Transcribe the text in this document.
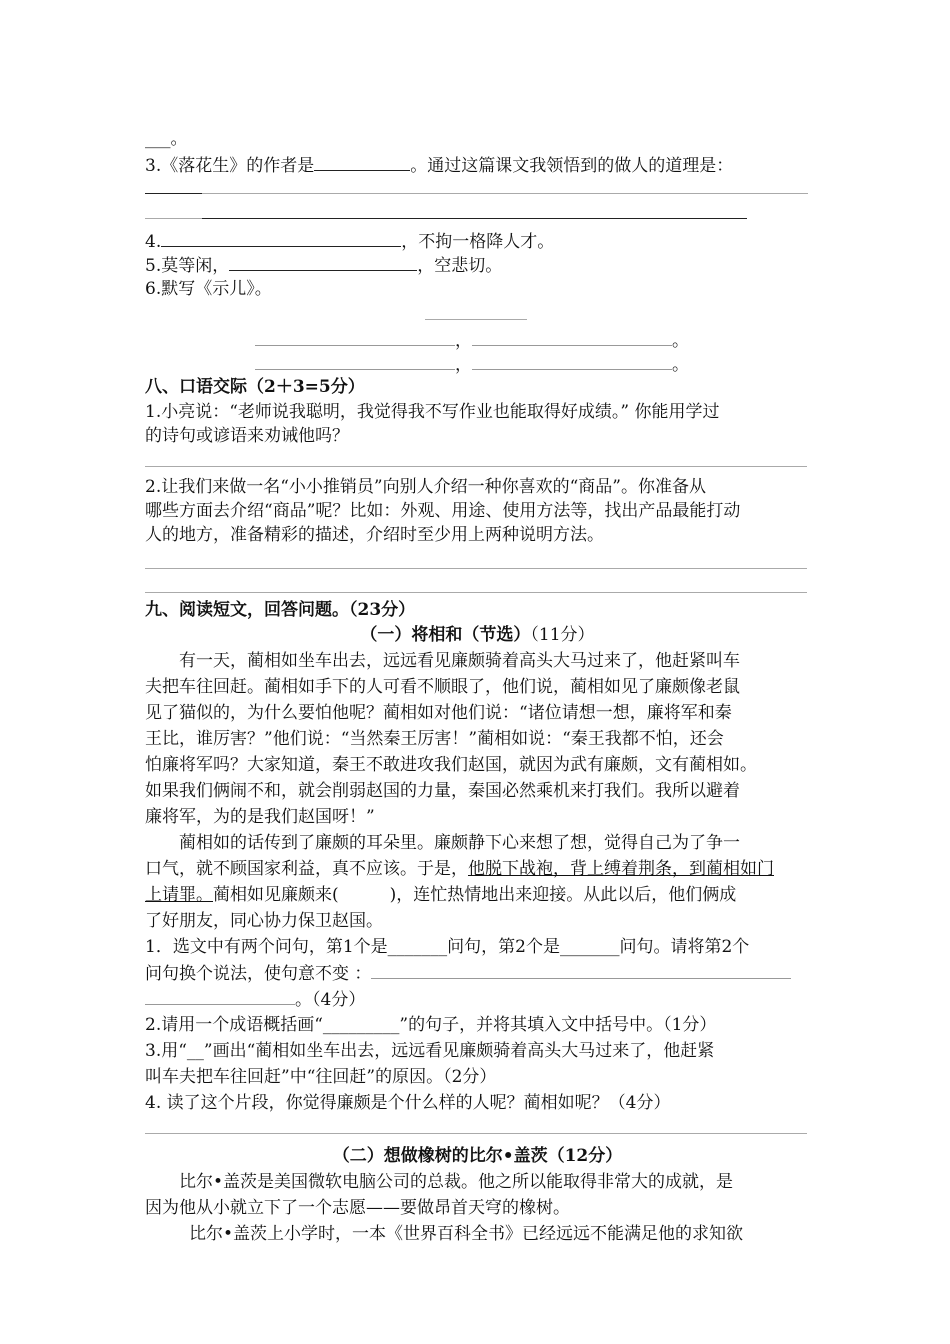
___。
3.《落花生》的作者是	。通过这篇课文我领悟到的做人的道理是：
4.	，不拘一格降人才。
5.莫等闲，	，空悲切。
6.默写《示儿》。
，	。
，	。
八、口语交际（2＋3=5分）
1.小亮说：“老师说我聪明，我觉得我不写作业也能取得好成绩。” 你能用学过
的诗句或谚语来劝诫他吗？
2.让我们来做一名“小小推销员”向别人介绍一种你喜欢的“商品”。你准备从
哪些方面去介绍“商品”呢？比如：外观、用途、使用方法等，找出产品最能打动
人的地方，准备精彩的描述，介绍时至少用上两种说明方法。
九、阅读短文，回答问题。（23分）
（一）将相和（节选）（11分）
有一天，蔺相如坐车出去，远远看见廉颇骑着高头大马过来了，他赶紧叫车
夫把车往回赶。蔺相如手下的人可看不顺眼了，他们说，蔺相如见了廉颇像老鼠
见了猫似的，为什么要怕他呢？蔺相如对他们说：“诸位请想一想，廉将军和秦
王比，谁厉害？”他们说：“当然秦王厉害！”蔺相如说：“秦王我都不怕，还会
怕廉将军吗？大家知道，秦王不敢进攻我们赵国，就因为武有廉颇，文有蔺相如。
如果我们俩闹不和，就会削弱赵国的力量，秦国必然乘机来打我们。我所以避着
廉将军，为的是我们赵国呀！”
蔺相如的话传到了廉颇的耳朵里。廉颇静下心来想了想，觉得自己为了争一
口气，就不顾国家利益，真不应该。于是，他脱下战袍，背上缚着荆条，到蔺相如门
上请罪。蔺相如见廉颇来(　　　)，连忙热情地出来迎接。从此以后，他们俩成
了好朋友，同心协力保卫赵国。
1．选文中有两个问句，第1个是_______问句，第2个是_______问句。请将第2个
问句换个说法，使句意不变 ：
。（4分）
2.请用一个成语概括画“_________”的句子，并将其填入文中括号中。（1分）
3.用“__”画出“蔺相如坐车出去，远远看见廉颇骑着高头大马过来了，他赶紧
叫车夫把车往回赶”中“往回赶”的原因。（2分）
4. 读了这个片段，你觉得廉颇是个什么样的人呢？蔺相如呢？（4分）
（二）想做橡树的比尔•盖茨（12分）
比尔•盖茨是美国微软电脑公司的总裁。他之所以能取得非常大的成就，是
因为他从小就立下了一个志愿——要做昂首天穹的橡树。
比尔•盖茨上小学时，一本《世界百科全书》已经远远不能满足他的求知欲
